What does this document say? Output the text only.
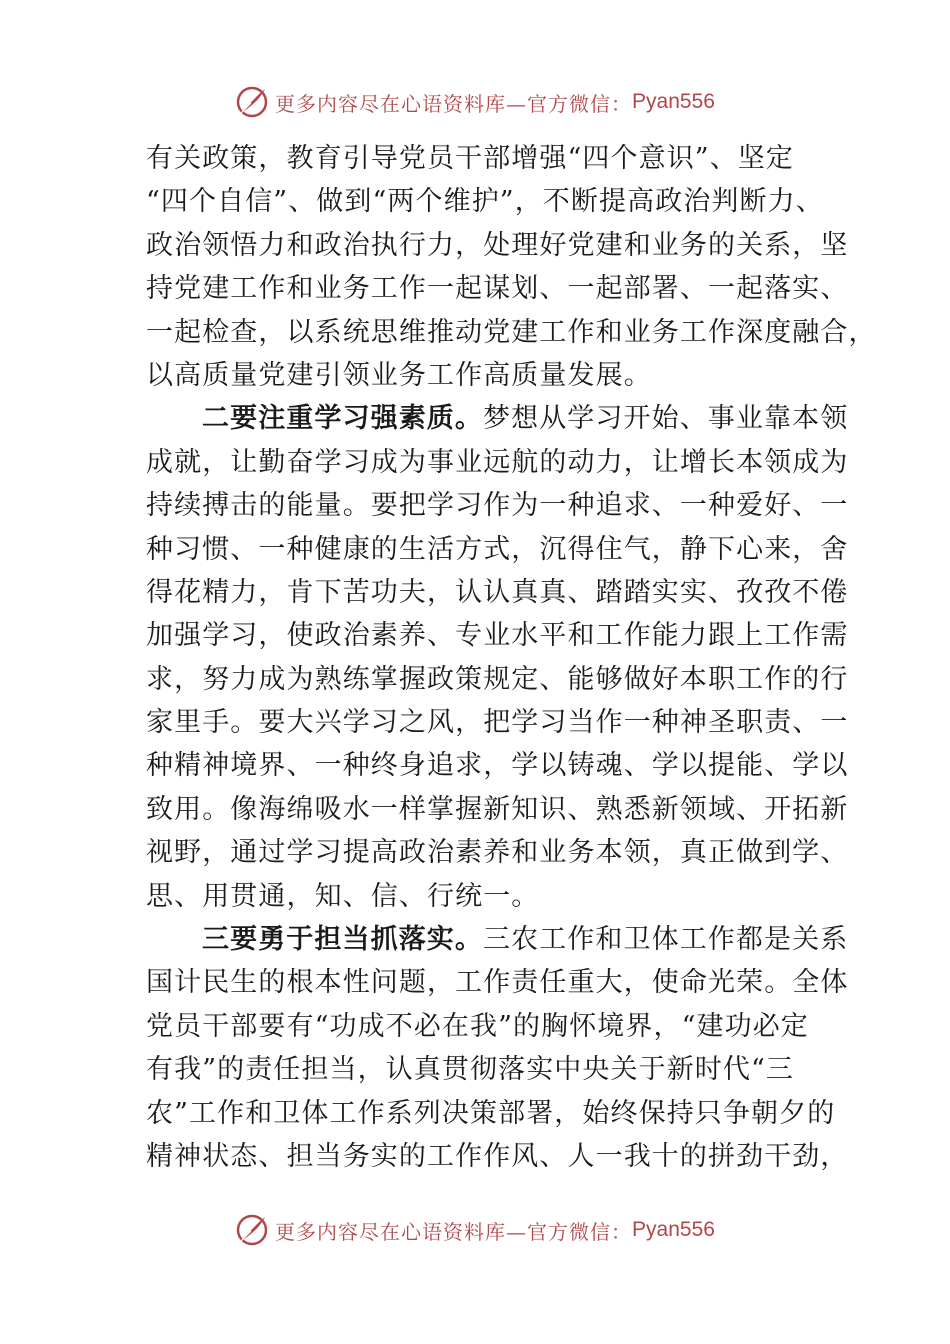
更多内容尽在心语资料库—官方微信： Pyan556
有关政策，教育引导党员干部增强“四个意识”、坚定
“四个自信”、做到“两个维护”，不断提高政治判断力、
政治领悟力和政治执行力，处理好党建和业务的关系，坚
持党建工作和业务工作一起谋划、一起部署、一起落实、
一起检查，以系统思维推动党建工作和业务工作深度融合，
以高质量党建引领业务工作高质量发展。
二要注重学习强素质。梦想从学习开始、事业靠本领
成就，让勤奋学习成为事业远航的动力，让增长本领成为
持续搏击的能量。要把学习作为一种追求、一种爱好、一
种习惯、一种健康的生活方式，沉得住气，静下心来，舍
得花精力，肯下苦功夫，认认真真、踏踏实实、孜孜不倦
加强学习，使政治素养、专业水平和工作能力跟上工作需
求，努力成为熟练掌握政策规定、能够做好本职工作的行
家里手。要大兴学习之风，把学习当作一种神圣职责、一
种精神境界、一种终身追求，学以铸魂、学以提能、学以
致用。像海绵吸水一样掌握新知识、熟悉新领域、开拓新
视野，通过学习提高政治素养和业务本领，真正做到学、
思、用贯通，知、信、行统一。
三要勇于担当抓落实。三农工作和卫体工作都是关系
国计民生的根本性问题，工作责任重大，使命光荣。全体
党员干部要有“功成不必在我”的胸怀境界，“建功必定
有我”的责任担当，认真贯彻落实中央关于新时代“三
农”工作和卫体工作系列决策部署，始终保持只争朝夕的
精神状态、担当务实的工作作风、人一我十的拼劲干劲，
更多内容尽在心语资料库—官方微信： Pyan556
